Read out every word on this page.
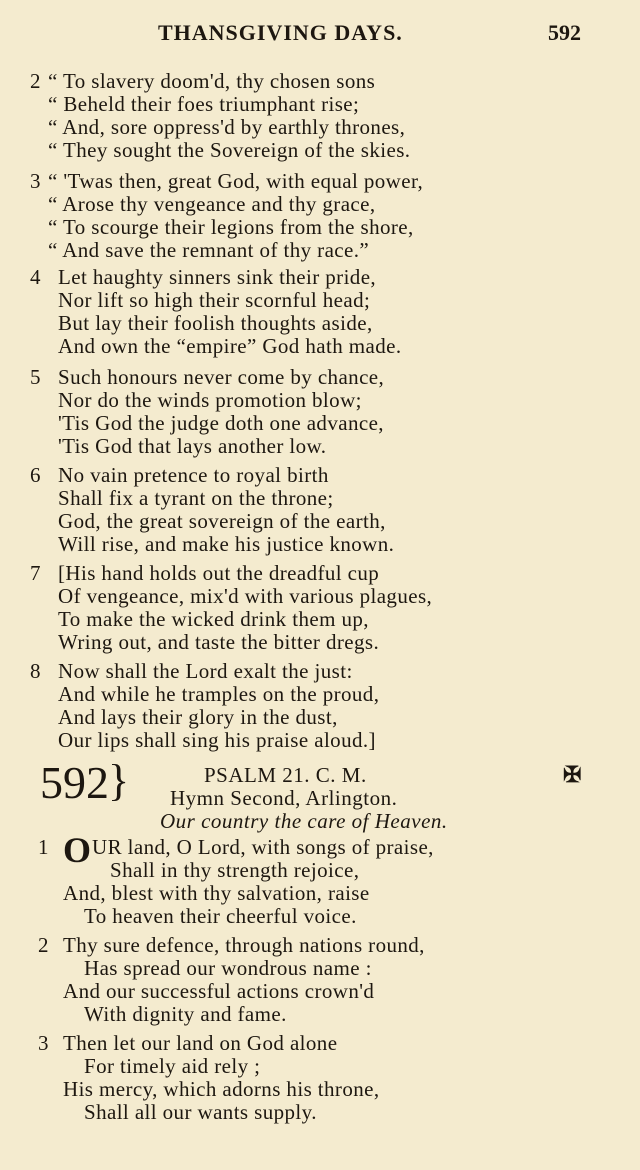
THANSGIVING DAYS.	592
2 “ To slavery doom'd, thy chosen sons
“ Beheld their foes triumphant rise;
“ And, sore oppress'd by earthly thrones,
“ They sought the Sovereign of the skies.
3 “ 'Twas then, great God, with equal power,
“ Arose thy vengeance and thy grace,
“ To scourge their legions from the shore,
“ And save the remnant of thy race.”
4 Let haughty sinners sink their pride,
Nor lift so high their scornful head;
But lay their foolish thoughts aside,
And own the “empire” God hath made.
5 Such honours never come by chance,
Nor do the winds promotion blow;
'Tis God the judge doth one advance,
'Tis God that lays another low.
6 No vain pretence to royal birth
Shall fix a tyrant on the throne;
God, the great sovereign of the earth,
Will rise, and make his justice known.
7 [His hand holds out the dreadful cup
Of vengeance, mix'd with various plagues,
To make the wicked drink them up,
Wring out, and taste the bitter dregs.
8 Now shall the Lord exalt the just:
And while he tramples on the proud,
And lays their glory in the dust,
Our lips shall sing his praise aloud.]
592 }	PSALM 21. C. M.	✠
Hymn Second, Arlington.
Our country the care of Heaven.
1 O UR land, O Lord, with songs of praise,
Shall in thy strength rejoice,
And, blest with thy salvation, raise
To heaven their cheerful voice.
2 Thy sure defence, through nations round,
Has spread our wondrous name :
And our successful actions crown'd
With dignity and fame.
3 Then let our land on God alone
For timely aid rely ;
His mercy, which adorns his throne,
Shall all our wants supply.
